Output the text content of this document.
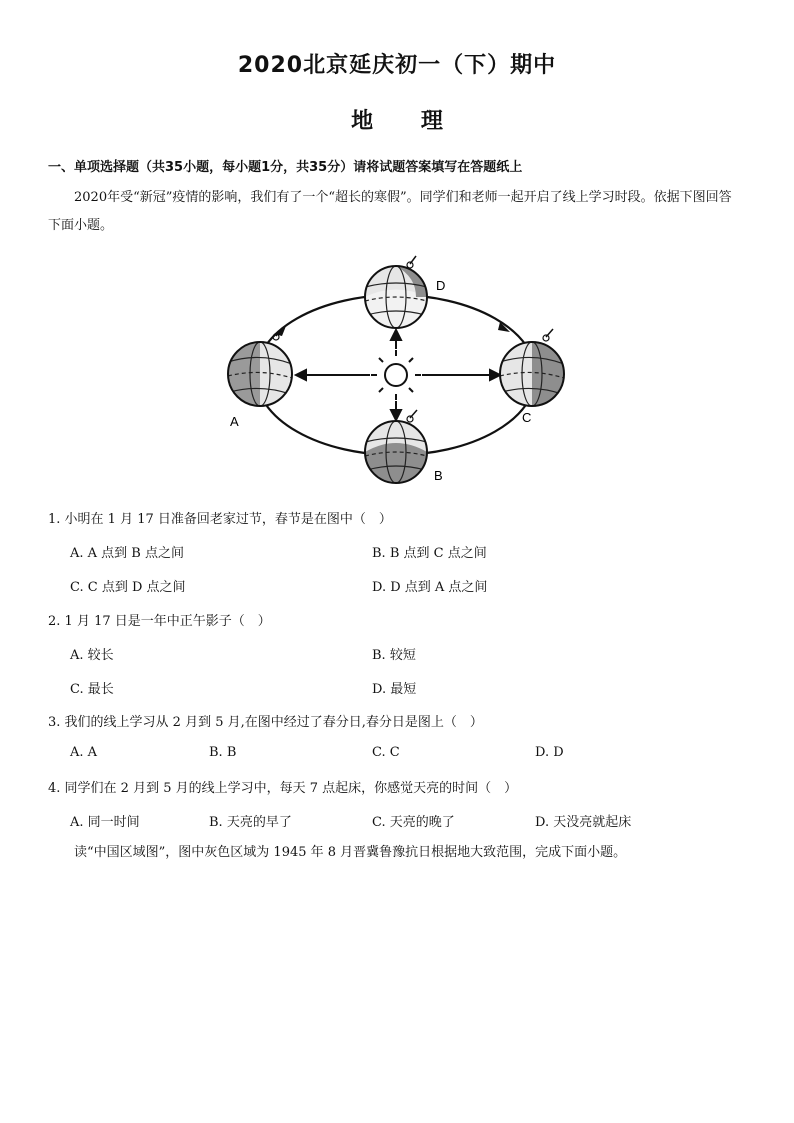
2020北京延庆初一（下）期中
地 理
一、单项选择题（共35小题，每小题1分，共35分）请将试题答案填写在答题纸上
　　2020年受“新冠”疫情的影响，我们有了一个“超长的寒假”。同学们和老师一起开启了线上学习时段。依据下图回答下面小题。
A
B
C
D
1. 小明在 1 月 17 日准备回老家过节，春节是在图中（　）
A. A 点到 B 点之间	B. B 点到 C 点之间
C. C 点到 D 点之间	D. D 点到 A 点之间
2. 1 月 17 日是一年中正午影子（　）
A. 较长	B. 较短
C. 最长	D. 最短
3. 我们的线上学习从 2 月到 5 月,在图中经过了春分日,春分日是图上（　）
A. A	B. B	C. C	D. D
4. 同学们在 2 月到 5 月的线上学习中，每天 7 点起床，你感觉天亮的时间（　）
A. 同一时间	B. 天亮的早了	C. 天亮的晚了	D. 天没亮就起床
　　读“中国区域图”，图中灰色区域为 1945 年 8 月晋冀鲁豫抗日根据地大致范围，完成下面小题。
